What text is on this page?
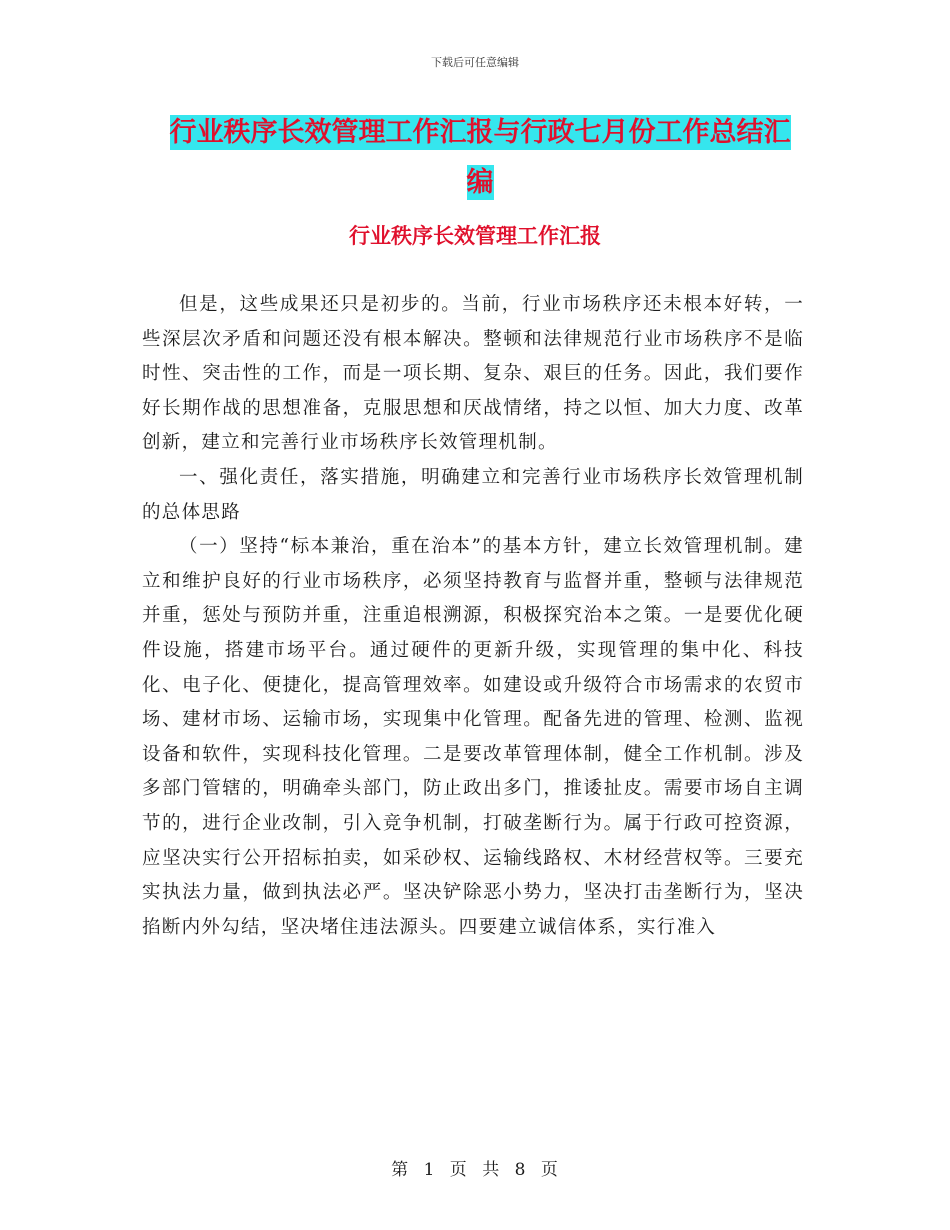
下载后可任意编辑
行业秩序长效管理工作汇报与行政七月份工作总结汇
编
行业秩序长效管理工作汇报

但是，这些成果还只是初步的。当前，行业市场秩序还未根本好转，一些深层次矛盾和问题还没有根本解决。整顿和法律规范行业市场秩序不是临时性、突击性的工作，而是一项长期、复杂、艰巨的任务。因此，我们要作好长期作战的思想准备，克服思想和厌战情绪，持之以恒、加大力度、改革创新，建立和完善行业市场秩序长效管理机制。

一、强化责任，落实措施，明确建立和完善行业市场秩序长效管理机制的总体思路

（一）坚持“标本兼治，重在治本”的基本方针，建立长效管理机制。建立和维护良好的行业市场秩序，必须坚持教育与监督并重，整顿与法律规范并重，惩处与预防并重，注重追根溯源，积极探究治本之策。一是要优化硬件设施，搭建市场平台。通过硬件的更新升级，实现管理的集中化、科技化、电子化、便捷化，提高管理效率。如建设或升级符合市场需求的农贸市场、建材市场、运输市场，实现集中化管理。配备先进的管理、检测、监视设备和软件，实现科技化管理。二是要改革管理体制，健全工作机制。涉及多部门管辖的，明确牵头部门，防止政出多门，推诿扯皮。需要市场自主调节的，进行企业改制，引入竞争机制，打破垄断行为。属于行政可控资源，应坚决实行公开招标拍卖，如采砂权、运输线路权、木材经营权等。三要充实执法力量，做到执法必严。坚决铲除恶小势力，坚决打击垄断行为，坚决掐断内外勾结，坚决堵住违法源头。四要建立诚信体系，实行准入

第 1 页 共 8 页
